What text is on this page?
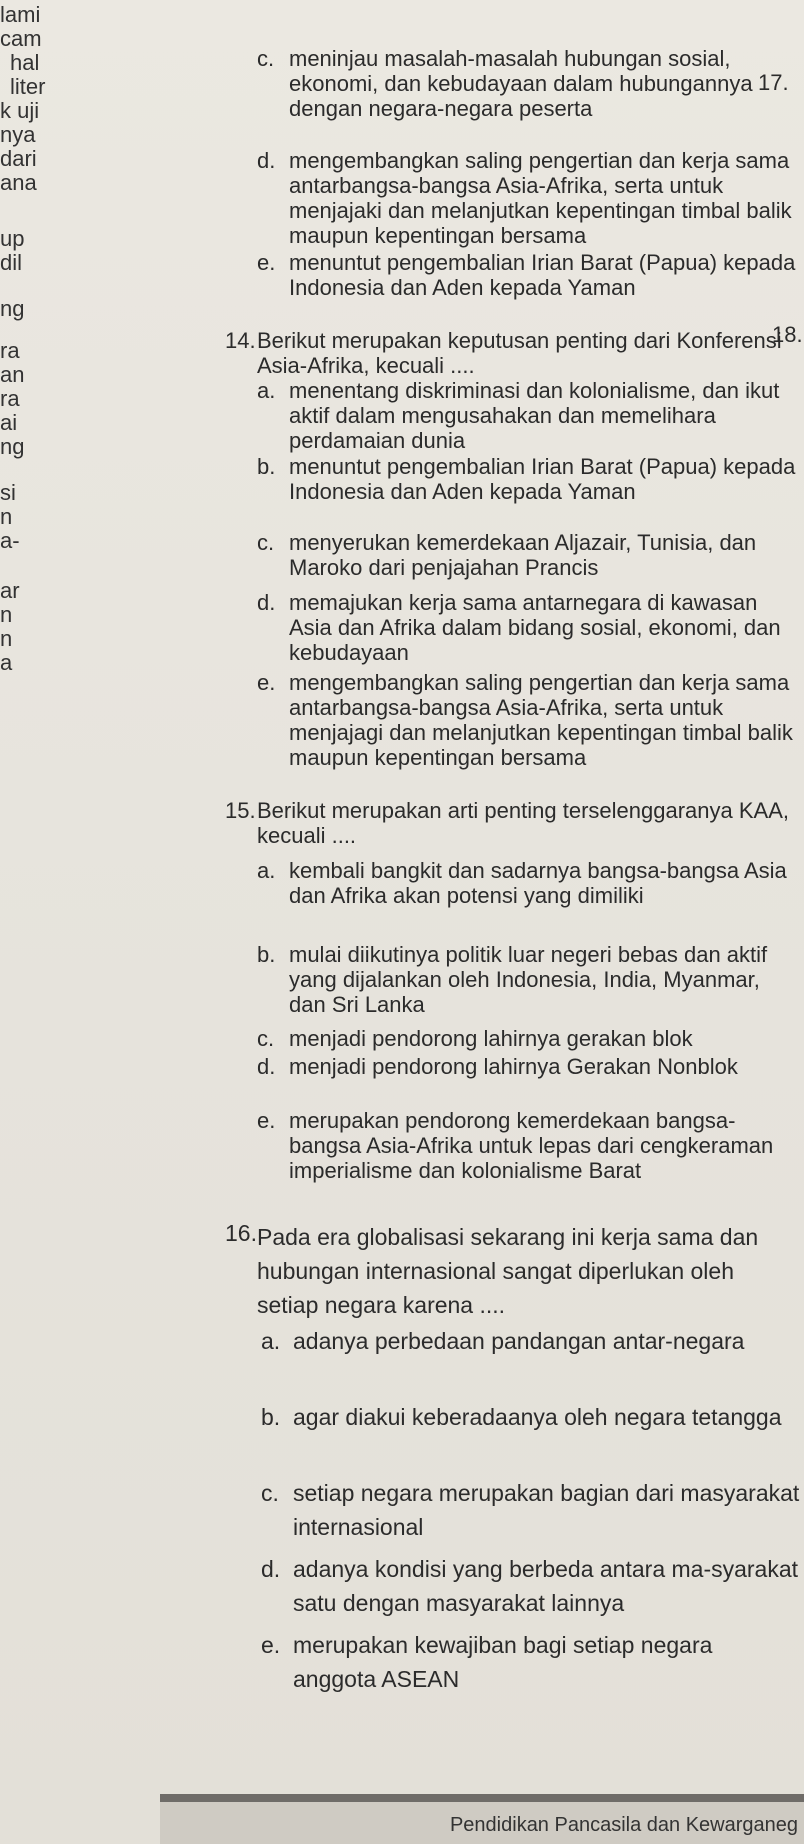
lami
cam
hal
liter
k uji
nya
dari
ana
up
dil
ng
ra
an
ra
ai
ng
si
n
a-
ar
n
n
a
17.
18.
c. meninjau masalah-masalah hubungan sosial, ekonomi, dan kebudayaan dalam hubungannya dengan negara-negara peserta
d. mengembangkan saling pengertian dan kerja sama antarbangsa-bangsa Asia-Afrika, serta untuk menjajaki dan melanjutkan kepentingan timbal balik maupun kepentingan bersama
e. menuntut pengembalian Irian Barat (Papua) kepada Indonesia dan Aden kepada Yaman
14. Berikut merupakan keputusan penting dari Konferensi Asia-Afrika, kecuali ....
a. menentang diskriminasi dan kolonialisme, dan ikut aktif dalam mengusahakan dan memelihara perdamaian dunia
b. menuntut pengembalian Irian Barat (Papua) kepada Indonesia dan Aden kepada Yaman
c. menyerukan kemerdekaan Aljazair, Tunisia, dan Maroko dari penjajahan Prancis
d. memajukan kerja sama antarnegara di kawasan Asia dan Afrika dalam bidang sosial, ekonomi, dan kebudayaan
e. mengembangkan saling pengertian dan kerja sama antarbangsa-bangsa Asia-Afrika, serta untuk menjajagi dan melanjutkan kepentingan timbal balik maupun kepentingan bersama
15. Berikut merupakan arti penting terselenggaranya KAA, kecuali ....
a. kembali bangkit dan sadarnya bangsa-bangsa Asia dan Afrika akan potensi yang dimiliki
b. mulai diikutinya politik luar negeri bebas dan aktif yang dijalankan oleh Indonesia, India, Myanmar, dan Sri Lanka
c. menjadi pendorong lahirnya gerakan blok
d. menjadi pendorong lahirnya Gerakan Nonblok
e. merupakan pendorong kemerdekaan bangsa-bangsa Asia-Afrika untuk lepas dari cengkeraman imperialisme dan kolonialisme Barat
16. Pada era globalisasi sekarang ini kerja sama dan hubungan internasional sangat diperlukan oleh setiap negara karena ....
a. adanya perbedaan pandangan antar-negara
b. agar diakui keberadaanya oleh negara tetangga
c. setiap negara merupakan bagian dari masyarakat internasional
d. adanya kondisi yang berbeda antara ma-syarakat satu dengan masyarakat lainnya
e. merupakan kewajiban bagi setiap negara anggota ASEAN
Pendidikan Pancasila dan Kewarganeg
